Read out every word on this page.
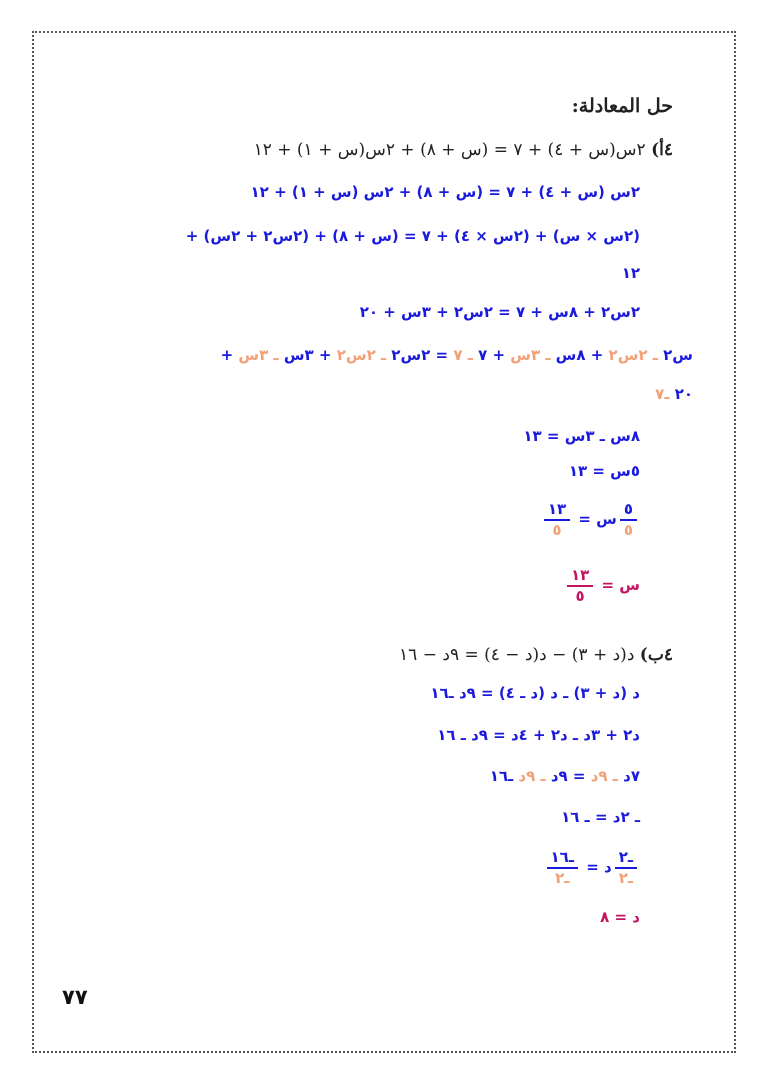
حل المعادلة:
٤أ) ٢س(س + ٤) + ٧ = (س + ٨) + ٢س(س + ١) + ١٢
٢س (س + ٤) + ٧ = (س + ٨) + ٢س (س + ١) + ١٢
(٢س × س) + (٢س × ٤) + ٧ = (س + ٨) + (٢س٢ + ٢س) +
١٢
٢س٢ + ٨س + ٧ = ٢س٢ + ٣س + ٢٠
س٢ ـ ٢س٢ + ٨س ـ ٣س + ٧ ـ ٧ = ٢س٢ ـ ٢س٢ + ٣س ـ ٣س +
٢٠ ـ٧
٨س ـ ٣س = ١٣
٥س = ١٣
$\frac{٥}{٥}$
س =
$\frac{١٣}{٥}$
س =
$\frac{١٣}{٥}$
٤ب) د(د + ٣) − د(د − ٤) = ٩د − ١٦
د (د + ٣) ـ د (د ـ ٤) = ٩د ـ١٦
د٢ + ٣د ـ د٢ + ٤د = ٩د ـ ١٦
٧د ـ ٩د = ٩د ـ ٩د ـ١٦
ـ ٢د = ـ ١٦
$\frac{\text{ـ٢}}{\text{ـ٢}}$
د =
$\frac{\text{ـ١٦}}{\text{ـ٢}}$
د = ٨
٧٧
